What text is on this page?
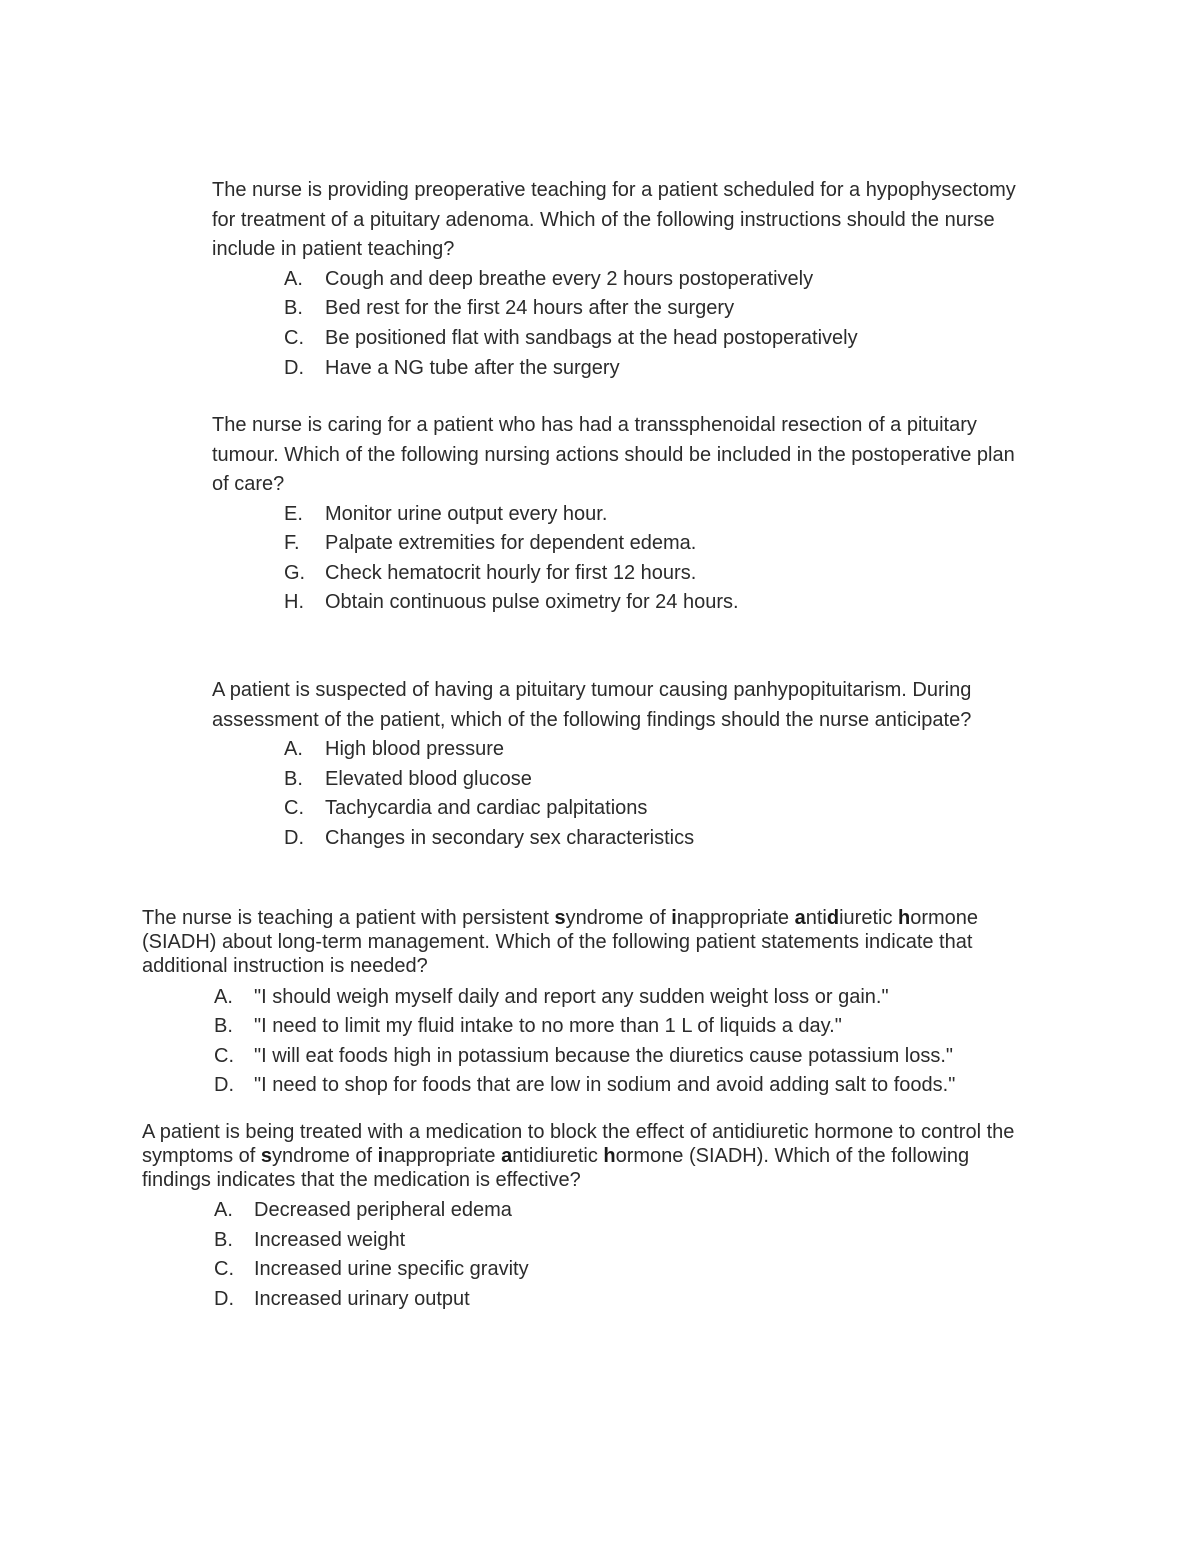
The nurse is providing preoperative teaching for a patient scheduled for a hypophysectomy
for treatment of a pituitary adenoma. Which of the following instructions should the nurse
include in patient teaching?
A. Cough and deep breathe every 2 hours postoperatively
B. Bed rest for the first 24 hours after the surgery
C. Be positioned flat with sandbags at the head postoperatively
D. Have a NG tube after the surgery
The nurse is caring for a patient who has had a transsphenoidal resection of a pituitary
tumour. Which of the following nursing actions should be included in the postoperative plan
of care?
E. Monitor urine output every hour.
F. Palpate extremities for dependent edema.
G. Check hematocrit hourly for first 12 hours.
H. Obtain continuous pulse oximetry for 24 hours.
A patient is suspected of having a pituitary tumour causing panhypopituitarism. During
assessment of the patient, which of the following findings should the nurse anticipate?
A. High blood pressure
B. Elevated blood glucose
C. Tachycardia and cardiac palpitations
D. Changes in secondary sex characteristics
The nurse is teaching a patient with persistent syndrome of inappropriate antidiuretic hormone
(SIADH) about long-term management. Which of the following patient statements indicate that
additional instruction is needed?
A. "I should weigh myself daily and report any sudden weight loss or gain."
B. "I need to limit my fluid intake to no more than 1 L of liquids a day."
C. "I will eat foods high in potassium because the diuretics cause potassium loss."
D. "I need to shop for foods that are low in sodium and avoid adding salt to foods."
A patient is being treated with a medication to block the effect of antidiuretic hormone to control the
symptoms of syndrome of inappropriate antidiuretic hormone (SIADH). Which of the following
findings indicates that the medication is effective?
A. Decreased peripheral edema
B. Increased weight
C. Increased urine specific gravity
D. Increased urinary output
